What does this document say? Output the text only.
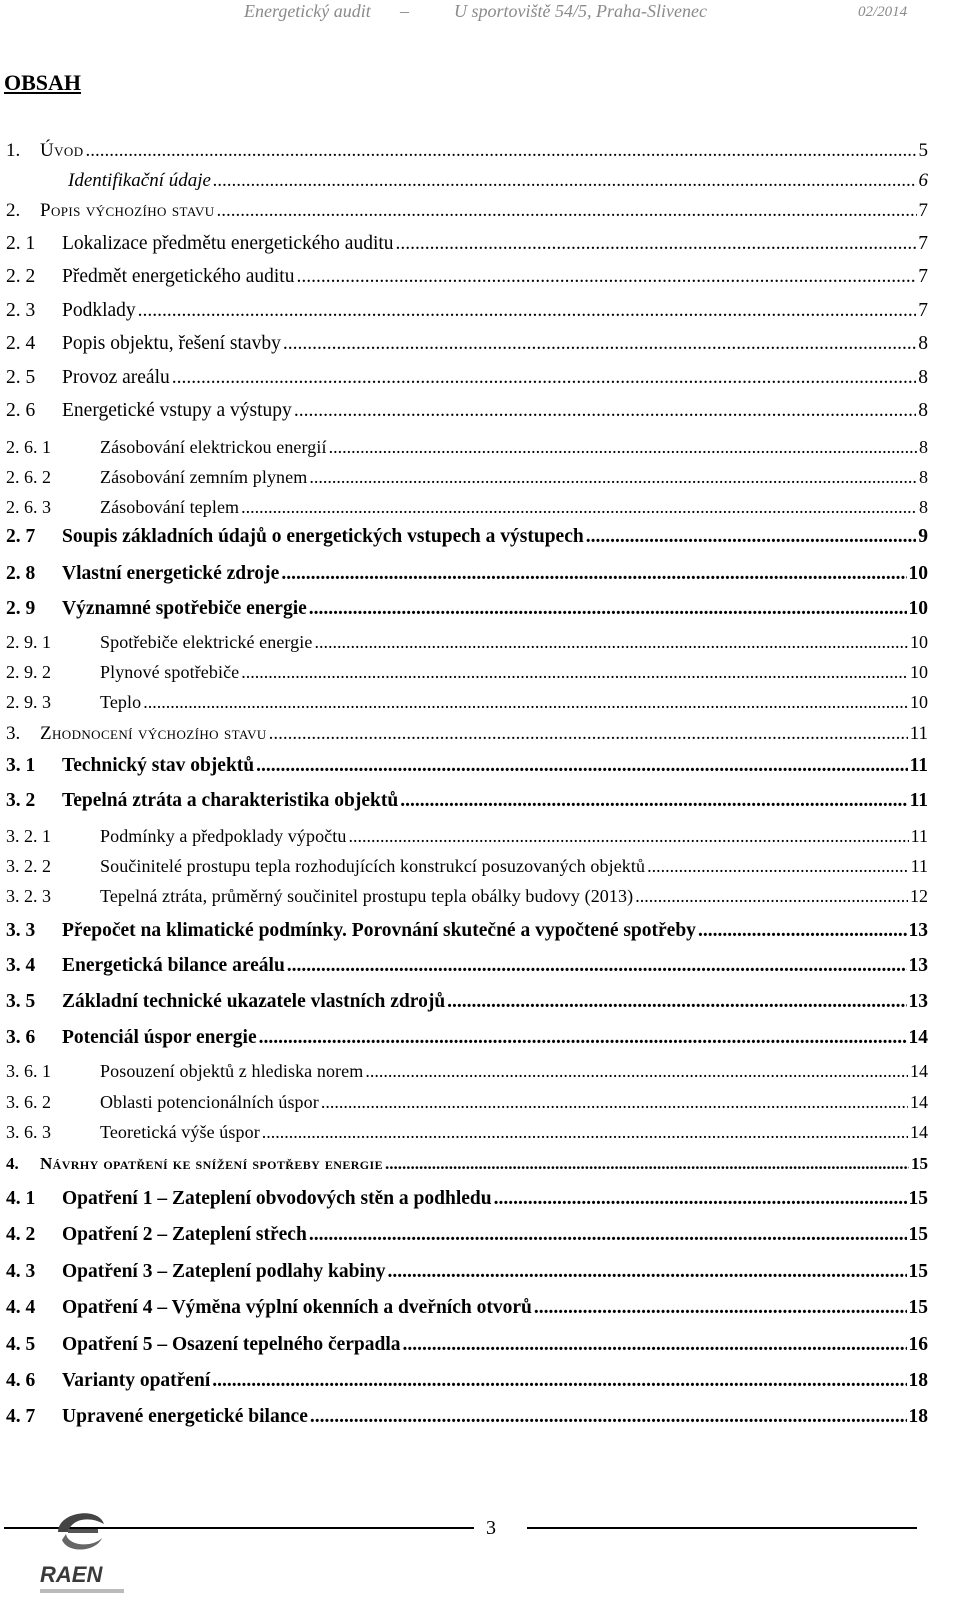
Energetický audit –	U sportoviště 54/5, Praha-Slivenec	02/2014
OBSAH
1.	Úvod .....	5
Identifikační údaje .....	6
2.	Popis výchozího stavu .....	7
2. 1	Lokalizace předmětu energetického auditu .....	7
2. 2	Předmět energetického auditu .....	7
2. 3	Podklady .....	7
2. 4	Popis objektu, řešení stavby .....	8
2. 5	Provoz areálu .....	8
2. 6	Energetické vstupy a výstupy .....	8
2. 6. 1	Zásobování elektrickou energií .....	8
2. 6. 2	Zásobování zemním plynem .....	8
2. 6. 3	Zásobování teplem .....	8
2. 7	Soupis základních údajů o energetických vstupech a výstupech .....	9
2. 8	Vlastní energetické zdroje .....	10
2. 9	Významné spotřebiče energie .....	10
2. 9. 1	Spotřebiče elektrické energie .....	10
2. 9. 2	Plynové spotřebiče .....	10
2. 9. 3	Teplo .....	10
3.	Zhodnocení výchozího stavu .....	11
3. 1	Technický stav objektů .....	11
3. 2	Tepelná ztráta a charakteristika objektů .....	11
3. 2. 1	Podmínky a předpoklady výpočtu .....	11
3. 2. 2	Součinitelé prostupu tepla rozhodujících konstrukcí posuzovaných objektů .....	11
3. 2. 3	Tepelná ztráta, průměrný součinitel prostupu tepla obálky budovy (2013) .....	12
3. 3	Přepočet na klimatické podmínky. Porovnání skutečné a vypočtené spotřeby .....	13
3. 4	Energetická bilance areálu .....	13
3. 5	Základní technické ukazatele vlastních zdrojů .....	13
3. 6	Potenciál úspor energie .....	14
3. 6. 1	Posouzení objektů z hlediska norem .....	14
3. 6. 2	Oblasti potencionálních úspor .....	14
3. 6. 3	Teoretická výše úspor .....	14
4.	Návrhy opatření ke snížení spotřeby energie .....	15
4. 1	Opatření 1 – Zateplení obvodových stěn a podhledu .....	15
4. 2	Opatření 2 – Zateplení střech .....	15
4. 3	Opatření 3 – Zateplení podlahy kabiny .....	15
4. 4	Opatření 4 – Výměna výplní okenních a dveřních otvorů .....	15
4. 5	Opatření 5 – Osazení tepelného čerpadla .....	16
4. 6	Varianty opatření .....	18
4. 7	Upravené energetické bilance .....	18
3
RAEN
